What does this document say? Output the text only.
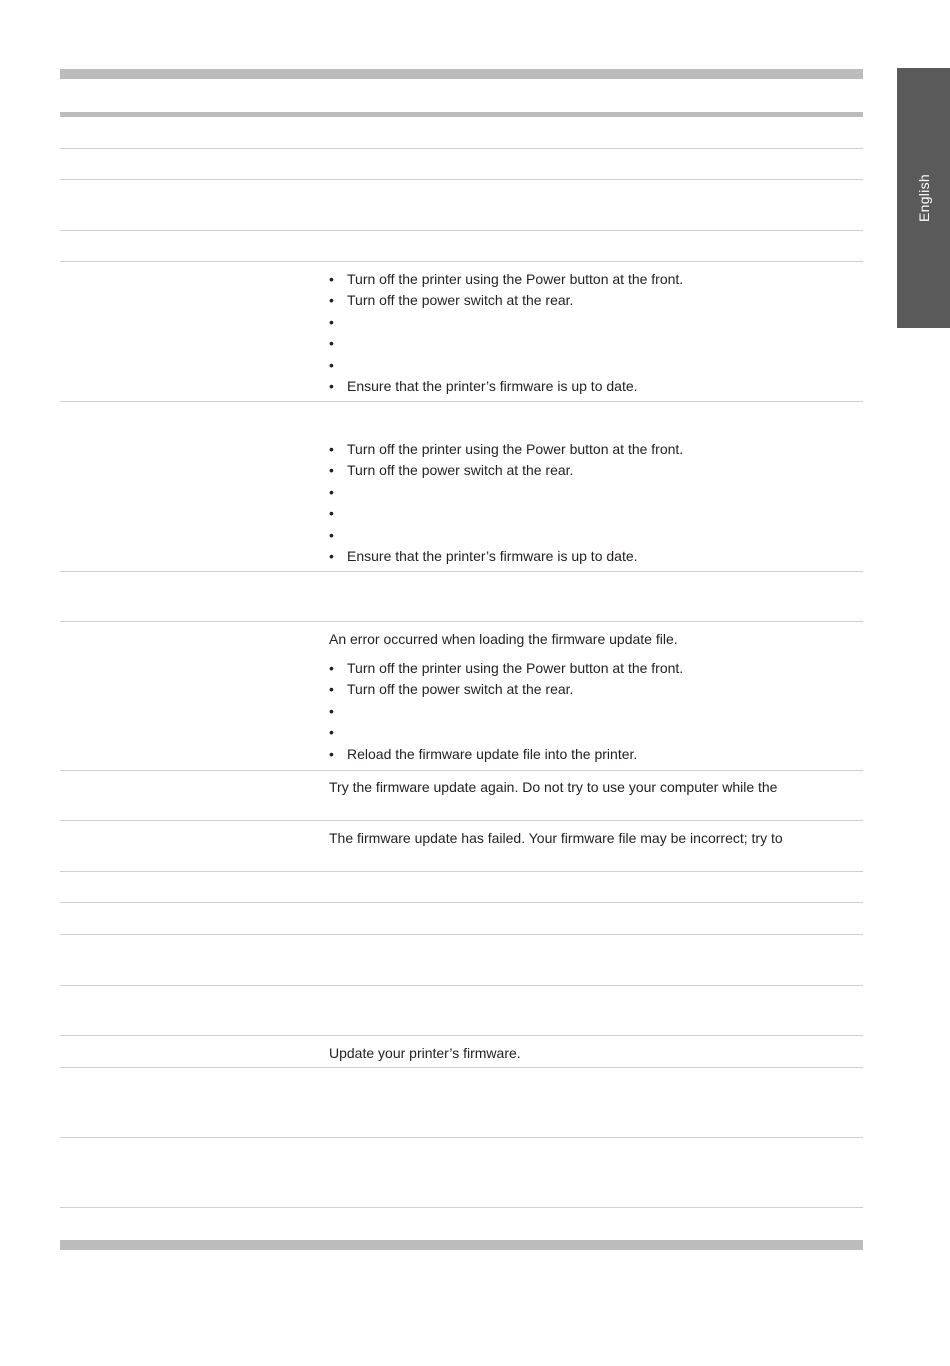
English
• Turn off the printer using the Power button at the front.
• Turn off the power switch at the rear.
•
•
•
• Ensure that the printer’s firmware is up to date.
• Turn off the printer using the Power button at the front.
• Turn off the power switch at the rear.
•
•
•
• Ensure that the printer’s firmware is up to date.

An error occurred when loading the firmware update file.

• Turn off the printer using the Power button at the front.
• Turn off the power switch at the rear.
•
•
• Reload the firmware update file into the printer.

Try the firmware update again. Do not try to use your computer while the

The firmware update has failed. Your firmware file may be incorrect; try to

Update your printer’s firmware.
